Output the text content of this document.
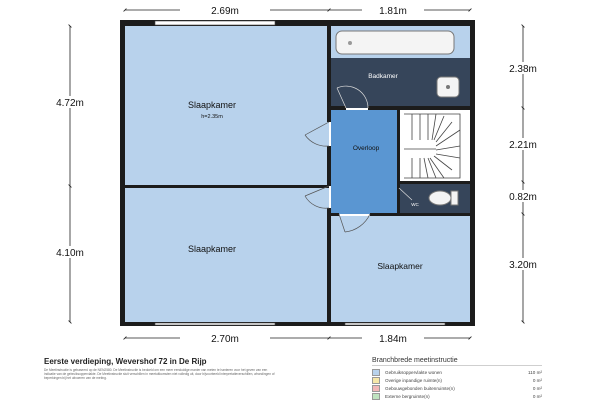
Slaapkamer
h=2.35m
Slaapkamer
Slaapkamer
Badkamer
Overloop
WC
2.69m	1.81m
2.70m	1.84m
4.72m
4.10m
2.38m
2.21m
0.82m
3.20m
Eerste verdieping, Wevershof 72 in De Rijp
De Meetinstructie is gebaseerd op de NEN2580. De Meetinstructie is bedoeld om een meer eenduidige manier van meten te hanteren voor het geven van een indicatie van de gebruiksoppervlakte. De Meetinstructie sluit verschillen in meetuitkomsten niet volledig uit, door bijvoorbeeld interpretatieverschillen, afrondingen of beperkingen bij het uitvoeren van de meting.
Branchbrede meetinstructie
Gebruiksoppervlakte wonen	110 m²
Overige inpandige ruimte(n)	0 m²
Gebouwgebonden buitenruimte(n)	0 m²
Externe bergruimte(n)	0 m²
